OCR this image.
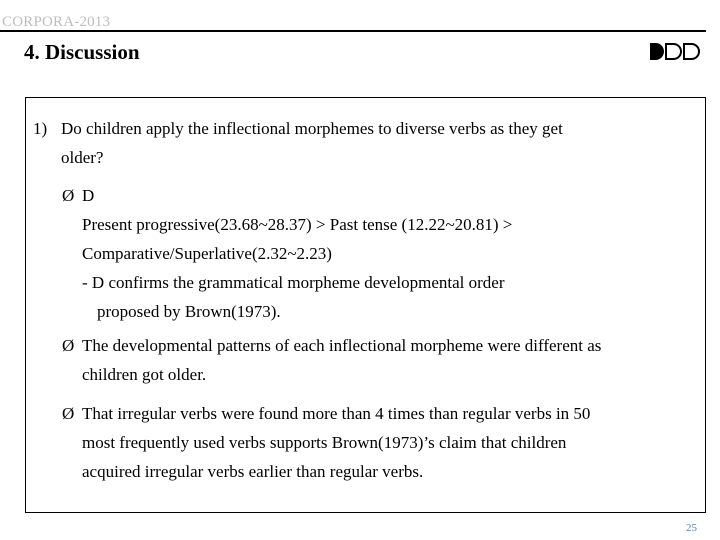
CORPORA-2013
4. Discussion
1) Do children apply the inflectional morphemes to diverse verbs as they get
older?
Ø D
Present progressive(23.68~28.37) > Past tense (12.22~20.81) >
Comparative/Superlative(2.32~2.23)
- D confirms the grammatical morpheme developmental order
proposed by Brown(1973).
Ø The developmental patterns of each inflectional morpheme were different as
children got older.
Ø That irregular verbs were found more than 4 times than regular verbs in 50
most frequently used verbs supports Brown(1973)’s claim that children
acquired irregular verbs earlier than regular verbs.
25
